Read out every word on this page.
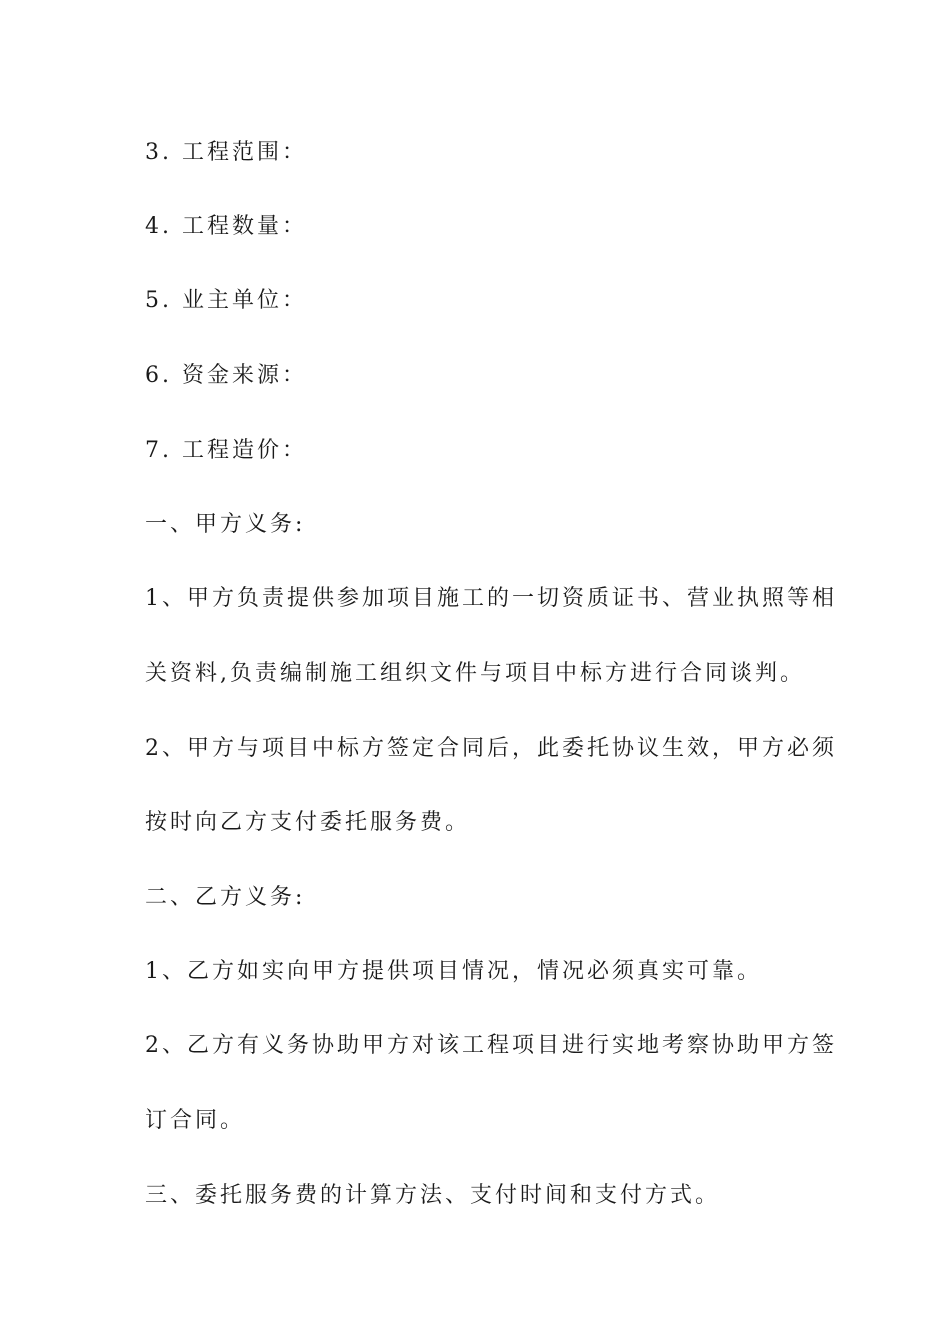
3. 工程范围：
4. 工程数量：
5. 业主单位：
6. 资金来源：
7. 工程造价：
一、甲方义务:
1、甲方负责提供参加项目施工的一切资质证书、营业执照等相
关资料,负责编制施工组织文件与项目中标方进行合同谈判。
2、甲方与项目中标方签定合同后，此委托协议生效，甲方必须
按时向乙方支付委托服务费。
二、乙方义务:
1、乙方如实向甲方提供项目情况，情况必须真实可靠。
2、乙方有义务协助甲方对该工程项目进行实地考察协助甲方签
订合同。
三、委托服务费的计算方法、支付时间和支付方式。
